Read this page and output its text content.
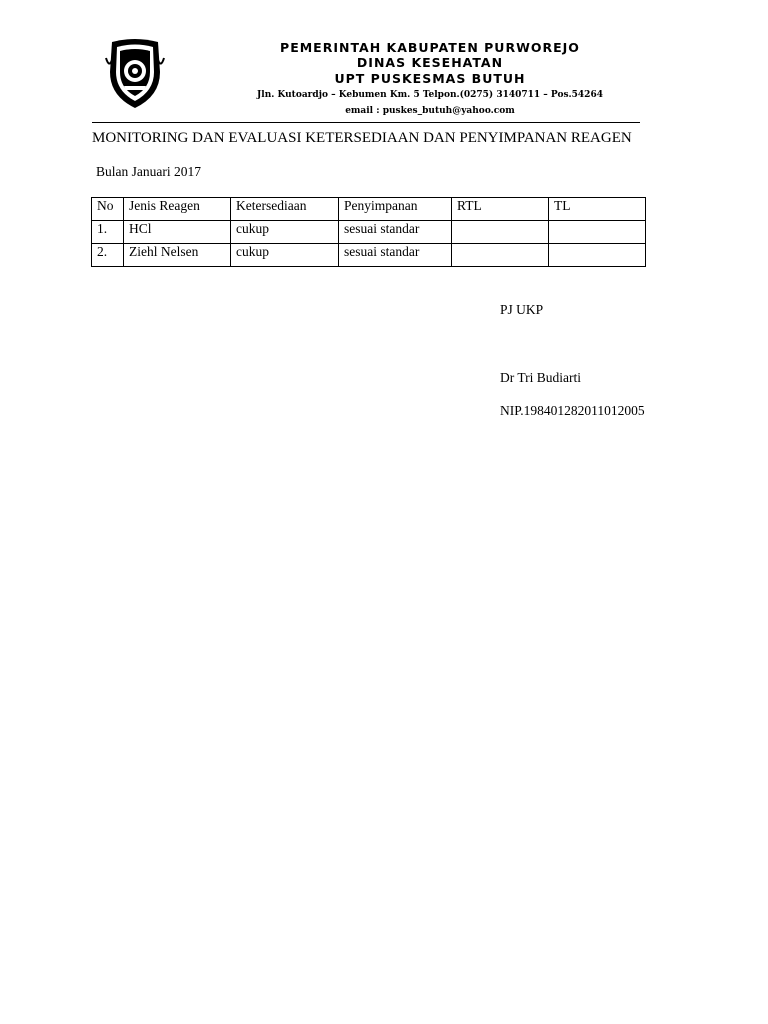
PEMERINTAH KABUPATEN PURWOREJO
DINAS KESEHATAN
UPT PUSKESMAS BUTUH
Jln. Kutoardjo – Kebumen Km. 5 Telpon.(0275) 3140711 – Pos.54264
email : puskes_butuh@yahoo.com
MONITORING DAN EVALUASI KETERSEDIAAN DAN PENYIMPANAN REAGEN
Bulan Januari 2017
No	Jenis Reagen	Ketersediaan	Penyimpanan	RTL	TL
1.	HCl	cukup	sesuai standar		
2.	Ziehl Nelsen	cukup	sesuai standar		
PJ UKP
Dr Tri Budiarti
NIP.198401282011012005
